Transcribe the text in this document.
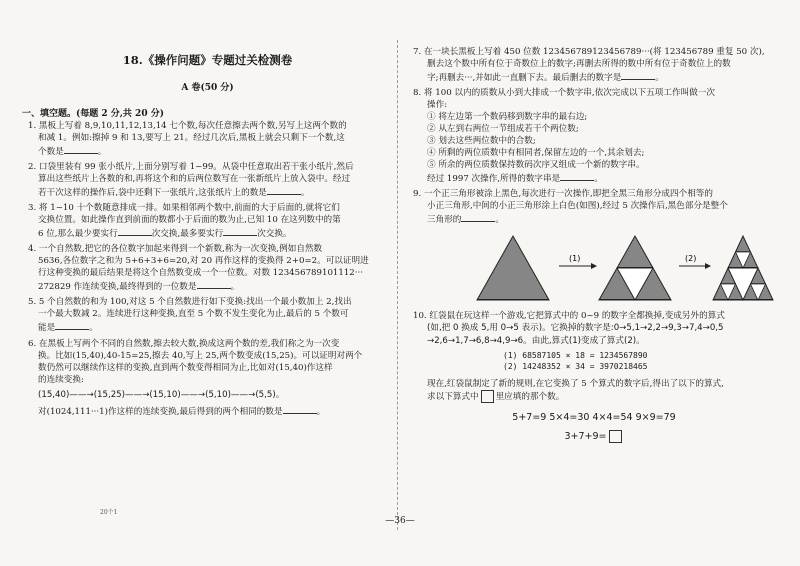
18.《操作问题》专题过关检测卷
A 卷(50 分)
一、填空题。(每题 2 分,共 20 分)
1. 黑板上写着 8,9,10,11,12,13,14 七个数,每次任意擦去两个数,另写上这两个数的
和减 1。例如:擦掉 9 和 13,要写上 21。经过几次后,黑板上就会只剩下一个数,这
个数是	。
2. 口袋里装有 99 张小纸片,上面分别写着 1~99。从袋中任意取出若干张小纸片,然后
算出这些纸片上各数的和,再将这个和的后两位数写在一张新纸片上放入袋中。经过
若干次这样的操作后,袋中还剩下一张纸片,这张纸片上的数是	。
3. 将 1~10 十个数随意排成一排。如果相邻两个数中,前面的大于后面的,就将它们
交换位置。如此操作直到前面的数都小于后面的数为止,已知 10 在这列数中的第
6 位,那么最少要实行	次交换,最多要实行	次交换。
4. 一个自然数,把它的各位数字加起来得到一个新数,称为一次变换,例如自然数
5636,各位数字之和为 5+6+3+6=20,对 20 再作这样的变换得 2+0=2。可以证明进
行这种变换的最后结果是将这个自然数变成一个一位数。对数 123456789101112···
272829 作连续变换,最终得到的一位数是	。
5. 5 个自然数的和为 100,对这 5 个自然数进行如下变换:找出一个最小数加上 2,找出
一个最大数减 2。连续进行这种变换,直至 5 个数不发生变化为止,最后的 5 个数可
能是	。
6. 在黑板上写两个不同的自然数,擦去较大数,换成这两个数的差,我们称之为一次变
换。比如(15,40),40-15=25,擦去 40,写上 25,两个数变成(15,25)。可以证明对两个
数仍然可以继续作这样的变换,直到两个数变得相同为止,比如对(15,40)作这样
的连续变换:
(15,40)——→(15,25)——→(15,10)——→(5,10)——→(5,5)。
对(1024,111···1)作这样的连续变换,最后得到的两个相同的数是	。
20个1
7. 在一块长黑板上写着 450 位数 123456789123456789···(将 123456789 重复 50 次),
删去这个数中所有位于奇数位上的数字;再删去所得的数中所有位于奇数位上的数
字;再删去···,并如此一直删下去。最后删去的数字是	。
8. 将 100 以内的质数从小到大排成一个数字串,依次完成以下五项工作叫做一次
操作:
① 将左边第一个数码移到数字串的最右边;
② 从左到右两位一节组成若干个两位数;
③ 划去这些两位数中的合数;
④ 所剩的两位质数中有相同者,保留左边的一个,其余划去;
⑤ 所余的两位质数保持数码次序又组成一个新的数字串。
经过 1997 次操作,所得的数字串是	。
9. 一个正三角形被涂上黑色,每次进行一次操作,即把全黑三角形分成四个相等的
小正三角形,中间的小正三角形涂上白色(如图),经过 5 次操作后,黑色部分是整个
三角形的	。
(1)	(2)
10. 红袋鼠在玩这样一个游戏,它把算式中的 0~9 的数字全都换掉,变成另外的算式
(如,把 0 换成 5,用 0→5 表示)。它换掉的数字是:0→5,1→2,2→9,3→7,4→0,5
→2,6→1,7→6,8→4,9→6。由此,算式(1)变成了算式(2)。
(1) 68587105 × 18 = 1234567890
(2) 14248352 × 34 = 3970218465
现在,红袋鼠制定了新的规则,在它变换了 5 个算式的数字后,得出了以下的算式,
求以下算式中 里应填的那个数。
5+7=9 5×4=30 4×4=54 9×9=79
3+7+9=
—36—
